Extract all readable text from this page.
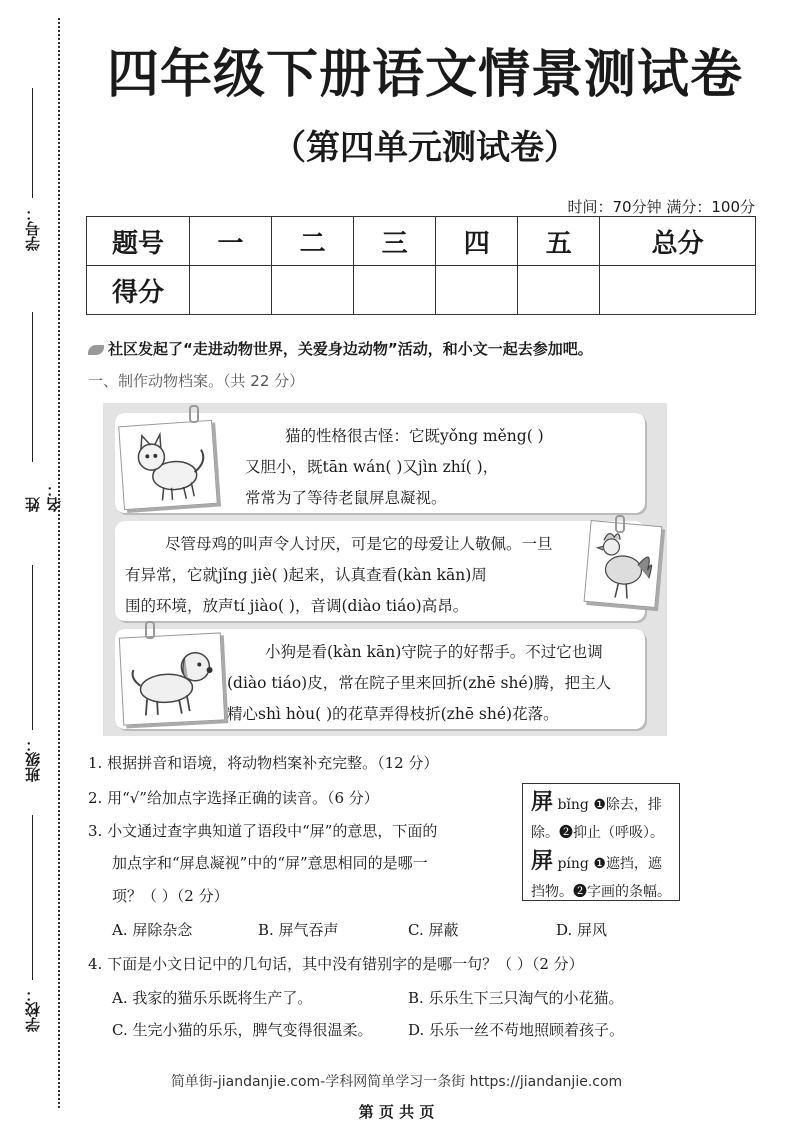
学号：
姓名：
班级：
学校：
四年级下册语文情景测试卷
（第四单元测试卷）
时间：70分钟 满分：100分
题号	一	二	三	四	五	总分
得分						
社区发起了“走进动物世界，关爱身边动物”活动，和小文一起去参加吧。
一、制作动物档案。（共 22 分）
猫的性格很古怪：它既yǒng měng( )
又胆小，既tān wán( )又jìn zhí( )，
常常为了等待老鼠屏息凝视。
尽管母鸡的叫声令人讨厌，可是它的母爱让人敬佩。一旦
有异常，它就jǐng jiè( )起来，认真查看(kàn kān)周
围的环境，放声tí jiào( )，音调(diào tiáo)高昂。
小狗是看(kàn kān)守院子的好帮手。不过它也调
(diào tiáo)皮，常在院子里来回折(zhē shé)腾，把主人
精心shì hòu( )的花草弄得枝折(zhē shé)花落。
1. 根据拼音和语境，将动物档案补充完整。（12 分）
2. 用“√”给加点字选择正确的读音。（6 分）
3. 小文通过查字典知道了语段中“屏”的意思，下面的
加点字和“屏息凝视”中的“屏”意思相同的是哪一
项？（ ）（2 分）
A. 屏除杂念	B. 屏气吞声	C. 屏蔽	D. 屏风
4. 下面是小文日记中的几句话，其中没有错别字的是哪一句？（ ）（2 分）
A. 我家的猫乐乐既将生产了。	B. 乐乐生下三只淘气的小花猫。
C. 生完小猫的乐乐，脾气变得很温柔。 D. 乐乐一丝不苟地照顾着孩子。
屏 bǐng ❶除去，排
除。❷抑止（呼吸）。
屏 píng ❶遮挡，遮
挡物。❷字画的条幅。
简单街-jiandanjie.com-学科网简单学习一条街 https://jiandanjie.com
第 页 共 页
